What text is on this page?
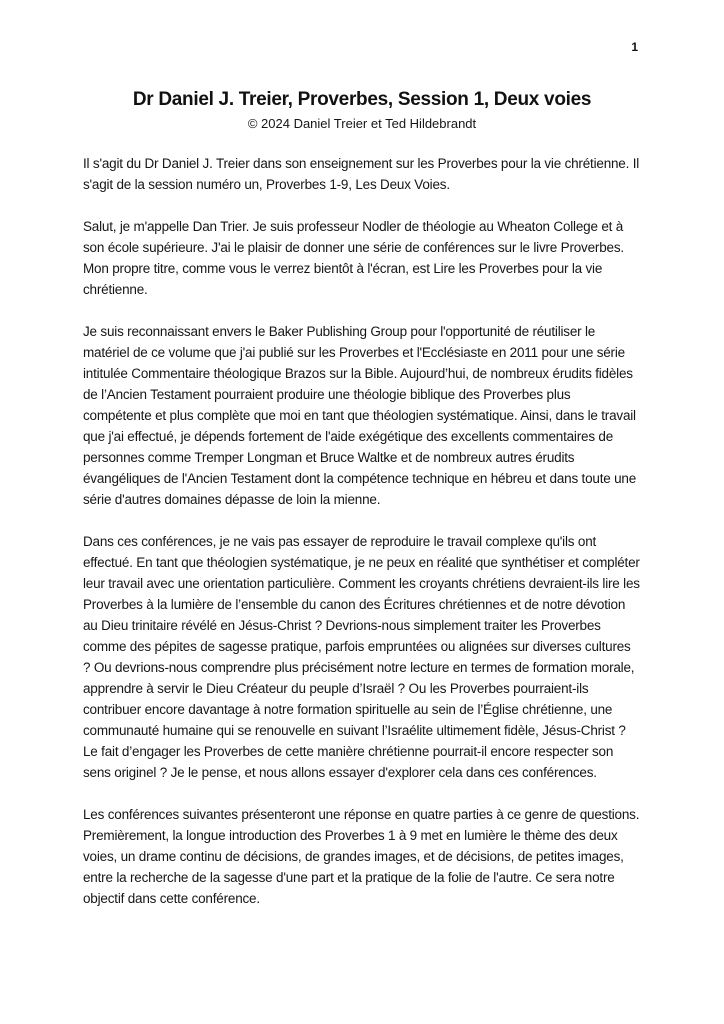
1
Dr Daniel J. Treier, Proverbes, Session 1, Deux voies
© 2024 Daniel Treier et Ted Hildebrandt

Il s'agit du Dr Daniel J. Treier dans son enseignement sur les Proverbes pour la vie chrétienne. Il s'agit de la session numéro un, Proverbes 1-9, Les Deux Voies.

Salut, je m'appelle Dan Trier. Je suis professeur Nodler de théologie au Wheaton College et à son école supérieure. J'ai le plaisir de donner une série de conférences sur le livre Proverbes. Mon propre titre, comme vous le verrez bientôt à l'écran, est Lire les Proverbes pour la vie chrétienne.

Je suis reconnaissant envers le Baker Publishing Group pour l'opportunité de réutiliser le matériel de ce volume que j'ai publié sur les Proverbes et l'Ecclésiaste en 2011 pour une série intitulée Commentaire théologique Brazos sur la Bible. Aujourd’hui, de nombreux érudits fidèles de l’Ancien Testament pourraient produire une théologie biblique des Proverbes plus compétente et plus complète que moi en tant que théologien systématique. Ainsi, dans le travail que j'ai effectué, je dépends fortement de l'aide exégétique des excellents commentaires de personnes comme Tremper Longman et Bruce Waltke et de nombreux autres érudits évangéliques de l'Ancien Testament dont la compétence technique en hébreu et dans toute une série d'autres domaines dépasse de loin la mienne.

Dans ces conférences, je ne vais pas essayer de reproduire le travail complexe qu'ils ont effectué. En tant que théologien systématique, je ne peux en réalité que synthétiser et compléter leur travail avec une orientation particulière. Comment les croyants chrétiens devraient-ils lire les Proverbes à la lumière de l’ensemble du canon des Écritures chrétiennes et de notre dévotion au Dieu trinitaire révélé en Jésus-Christ ? Devrions-nous simplement traiter les Proverbes comme des pépites de sagesse pratique, parfois empruntées ou alignées sur diverses cultures ? Ou devrions-nous comprendre plus précisément notre lecture en termes de formation morale, apprendre à servir le Dieu Créateur du peuple d’Israël ? Ou les Proverbes pourraient-ils contribuer encore davantage à notre formation spirituelle au sein de l’Église chrétienne, une communauté humaine qui se renouvelle en suivant l’Israélite ultimement fidèle, Jésus-Christ ? Le fait d’engager les Proverbes de cette manière chrétienne pourrait-il encore respecter son sens originel ? Je le pense, et nous allons essayer d'explorer cela dans ces conférences.

Les conférences suivantes présenteront une réponse en quatre parties à ce genre de questions. Premièrement, la longue introduction des Proverbes 1 à 9 met en lumière le thème des deux voies, un drame continu de décisions, de grandes images, et de décisions, de petites images, entre la recherche de la sagesse d'une part et la pratique de la folie de l'autre. Ce sera notre objectif dans cette conférence.
